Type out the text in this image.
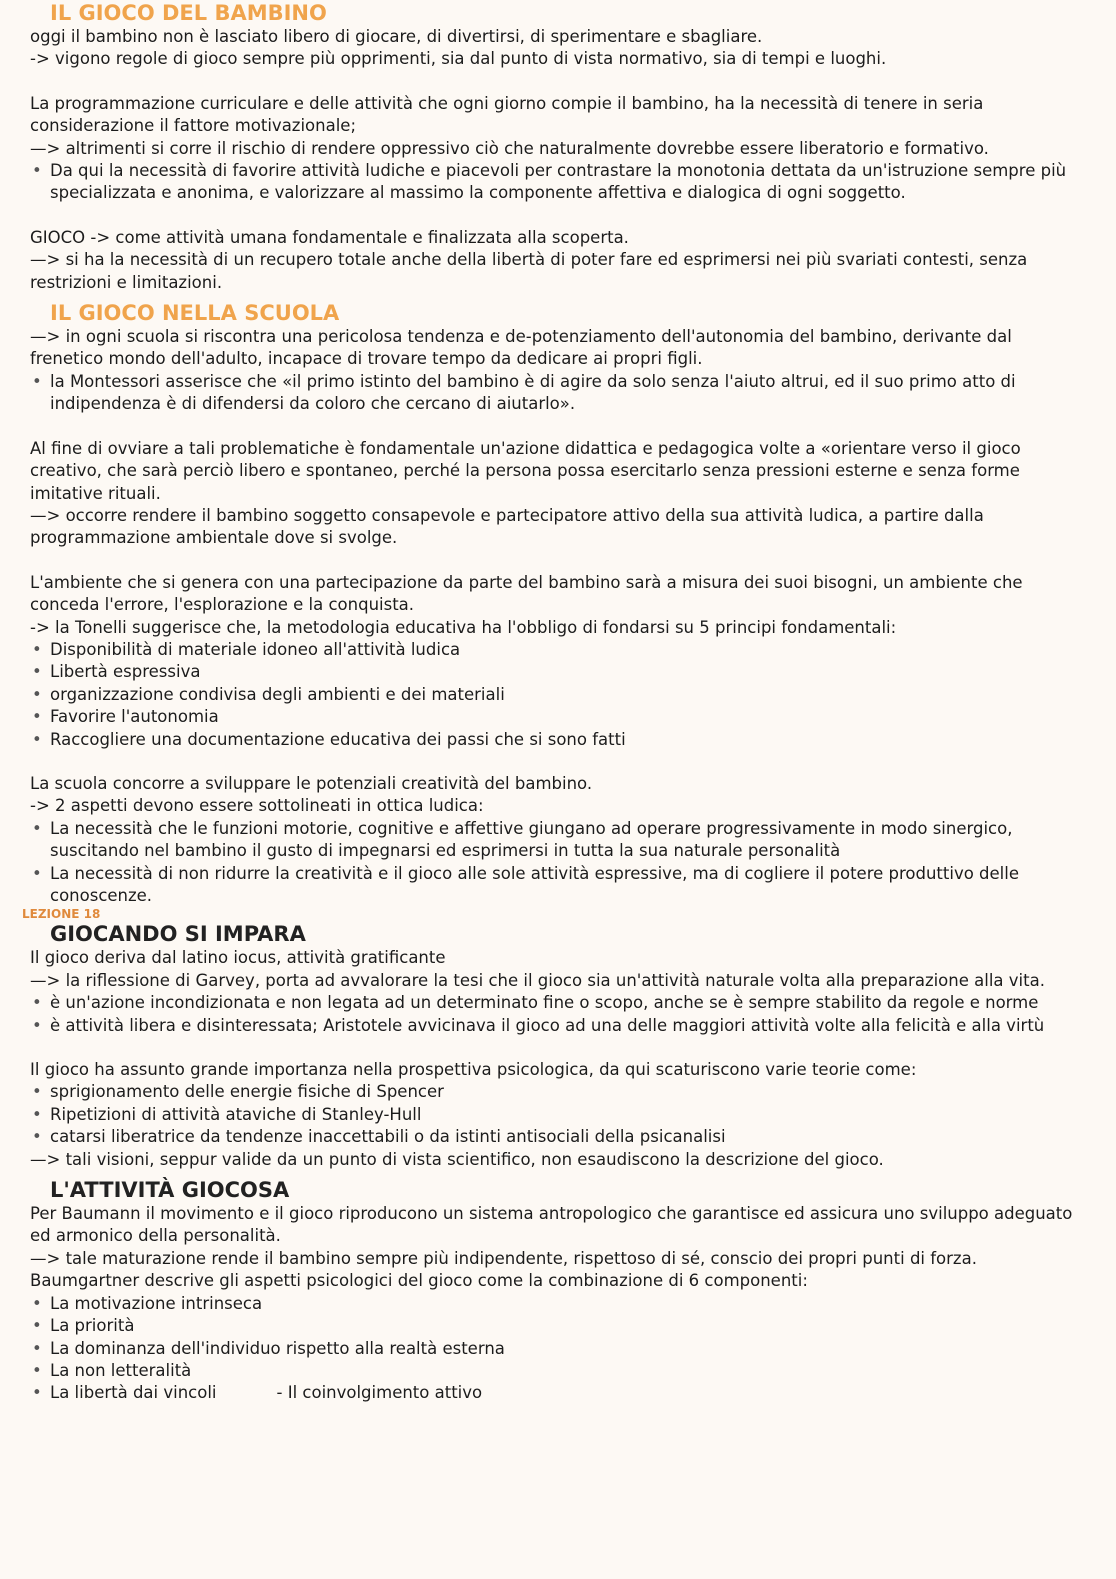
IL GIOCO DEL BAMBINO

oggi il bambino non è lasciato libero di giocare, di divertirsi, di sperimentare e sbagliare.

-> vigono regole di gioco sempre più opprimenti, sia dal punto di vista normativo, sia di tempi e luoghi.

La programmazione curriculare e delle attività che ogni giorno compie il bambino, ha la necessità di tenere in seria considerazione il fattore motivazionale;

—> altrimenti si corre il rischio di rendere oppressivo ciò che naturalmente dovrebbe essere liberatorio e formativo.

• Da qui la necessità di favorire attività ludiche e piacevoli per contrastare la monotonia dettata da un'istruzione sempre più specializzata e anonima, e valorizzare al massimo la componente affettiva e dialogica di ogni soggetto.

GIOCO -> come attività umana fondamentale e finalizzata alla scoperta.

—> si ha la necessità di un recupero totale anche della libertà di poter fare ed esprimersi nei più svariati contesti, senza restrizioni e limitazioni.

IL GIOCO NELLA SCUOLA

—> in ogni scuola si riscontra una pericolosa tendenza e de-potenziamento dell'autonomia del bambino, derivante dal frenetico mondo dell'adulto, incapace di trovare tempo da dedicare ai propri figli.

• la Montessori asserisce che «il primo istinto del bambino è di agire da solo senza l'aiuto altrui, ed il suo primo atto di indipendenza è di difendersi da coloro che cercano di aiutarlo».

Al fine di ovviare a tali problematiche è fondamentale un'azione didattica e pedagogica volte a «orientare verso il gioco creativo, che sarà perciò libero e spontaneo, perché la persona possa esercitarlo senza pressioni esterne e senza forme imitative rituali.

—> occorre rendere il bambino soggetto consapevole e partecipatore attivo della sua attività ludica, a partire dalla programmazione ambientale dove si svolge.

L'ambiente che si genera con una partecipazione da parte del bambino sarà a misura dei suoi bisogni, un ambiente che conceda l'errore, l'esplorazione e la conquista.

-> la Tonelli suggerisce che, la metodologia educativa ha l'obbligo di fondarsi su 5 principi fondamentali:

• Disponibilità di materiale idoneo all'attività ludica
• Libertà espressiva
• organizzazione condivisa degli ambienti e dei materiali
• Favorire l'autonomia
• Raccogliere una documentazione educativa dei passi che si sono fatti

La scuola concorre a sviluppare le potenziali creatività del bambino.

-> 2 aspetti devono essere sottolineati in ottica ludica:

• La necessità che le funzioni motorie, cognitive e affettive giungano ad operare progressivamente in modo sinergico, suscitando nel bambino il gusto di impegnarsi ed esprimersi in tutta la sua naturale personalità
• La necessità di non ridurre la creatività e il gioco alle sole attività espressive, ma di cogliere il potere produttivo delle conoscenze.
LEZIONE 18
GIOCANDO SI IMPARA

Il gioco deriva dal latino iocus, attività gratificante

—> la riflessione di Garvey, porta ad avvalorare la tesi che il gioco sia un'attività naturale volta alla preparazione alla vita.

• è un'azione incondizionata e non legata ad un determinato fine o scopo, anche se è sempre stabilito da regole e norme
• è attività libera e disinteressata; Aristotele avvicinava il gioco ad una delle maggiori attività volte alla felicità e alla virtù

Il gioco ha assunto grande importanza nella prospettiva psicologica, da qui scaturiscono varie teorie come:

• sprigionamento delle energie fisiche di Spencer
• Ripetizioni di attività ataviche di Stanley-Hull
• catarsi liberatrice da tendenze inaccettabili o da istinti antisociali della psicanalisi

—> tali visioni, seppur valide da un punto di vista scientifico, non esaudiscono la descrizione del gioco.

L'ATTIVITÀ GIOCOSA

Per Baumann il movimento e il gioco riproducono un sistema antropologico che garantisce ed assicura uno sviluppo adeguato ed armonico della personalità.

—> tale maturazione rende il bambino sempre più indipendente, rispettoso di sé, conscio dei propri punti di forza.

Baumgartner descrive gli aspetti psicologici del gioco come la combinazione di 6 componenti:

• La motivazione intrinseca
• La priorità
• La dominanza dell'individuo rispetto alla realtà esterna
• La non letteralità
• La libertà dai vincoli	- Il coinvolgimento attivo
